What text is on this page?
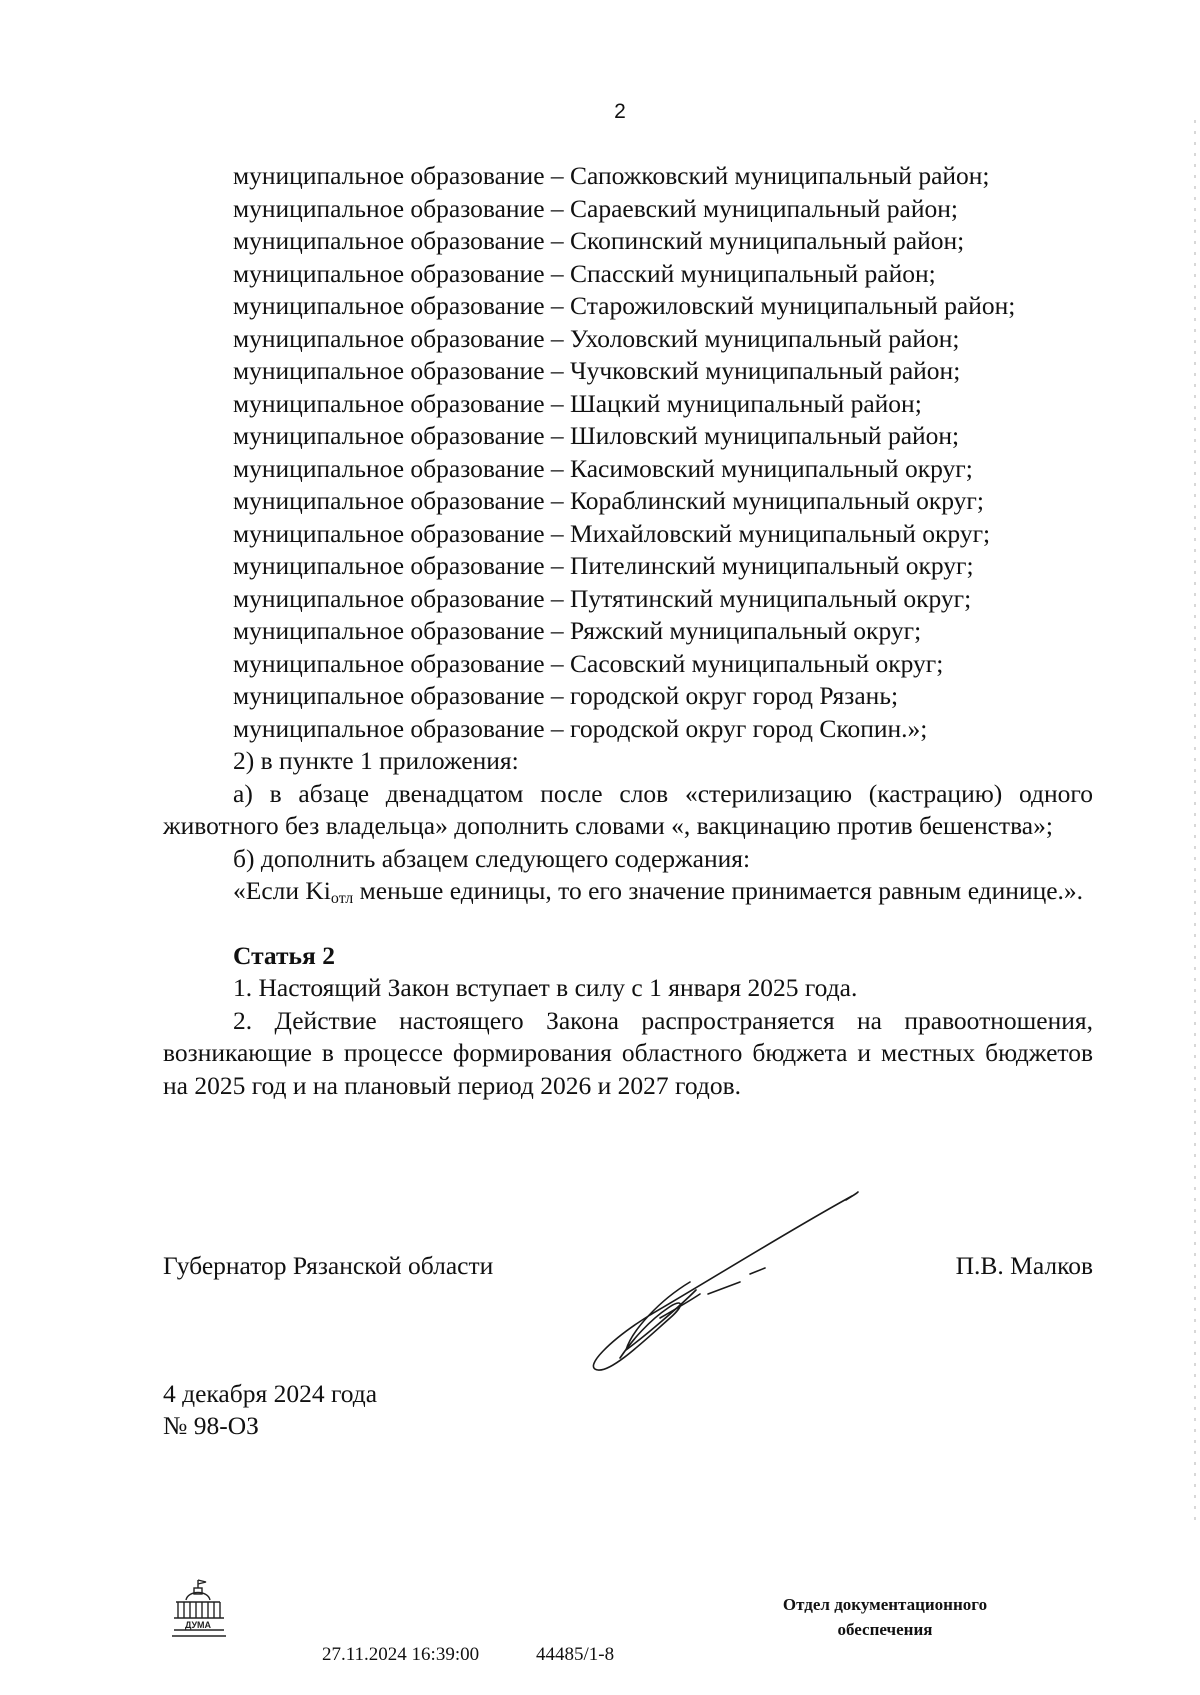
2
муниципальное образование – Сапожковский муниципальный район;
муниципальное образование – Сараевский муниципальный район;
муниципальное образование – Скопинский муниципальный район;
муниципальное образование – Спасский муниципальный район;
муниципальное образование – Старожиловский муниципальный район;
муниципальное образование – Ухоловский муниципальный район;
муниципальное образование – Чучковский муниципальный район;
муниципальное образование – Шацкий муниципальный район;
муниципальное образование – Шиловский муниципальный район;
муниципальное образование – Касимовский муниципальный округ;
муниципальное образование – Кораблинский муниципальный округ;
муниципальное образование – Михайловский муниципальный округ;
муниципальное образование – Пителинский муниципальный округ;
муниципальное образование – Путятинский муниципальный округ;
муниципальное образование – Ряжский муниципальный округ;
муниципальное образование – Сасовский муниципальный округ;
муниципальное образование – городской округ город Рязань;
муниципальное образование – городской округ город Скопин.»;
2) в пункте 1 приложения:
а) в абзаце двенадцатом после слов «стерилизацию (кастрацию) одного животного без владельца» дополнить словами «, вакцинацию против бешенства»;
б) дополнить абзацем следующего содержания:
«Если $Ki_{отл}$ меньше единицы, то его значение принимается равным единице.».
Статья 2
1. Настоящий Закон вступает в силу с 1 января 2025 года.
2. Действие настоящего Закона распространяется на правоотношения, возникающие в процессе формирования областного бюджета и местных бюджетов на 2025 год и на плановый период 2026 и 2027 годов.
Губернатор Рязанской области	П.В. Малков
4 декабря 2024 года
№ 98-ОЗ
ДУМА
27.11.2024 16:39:00	44485/1-8
Отдел документационного
обеспечения
